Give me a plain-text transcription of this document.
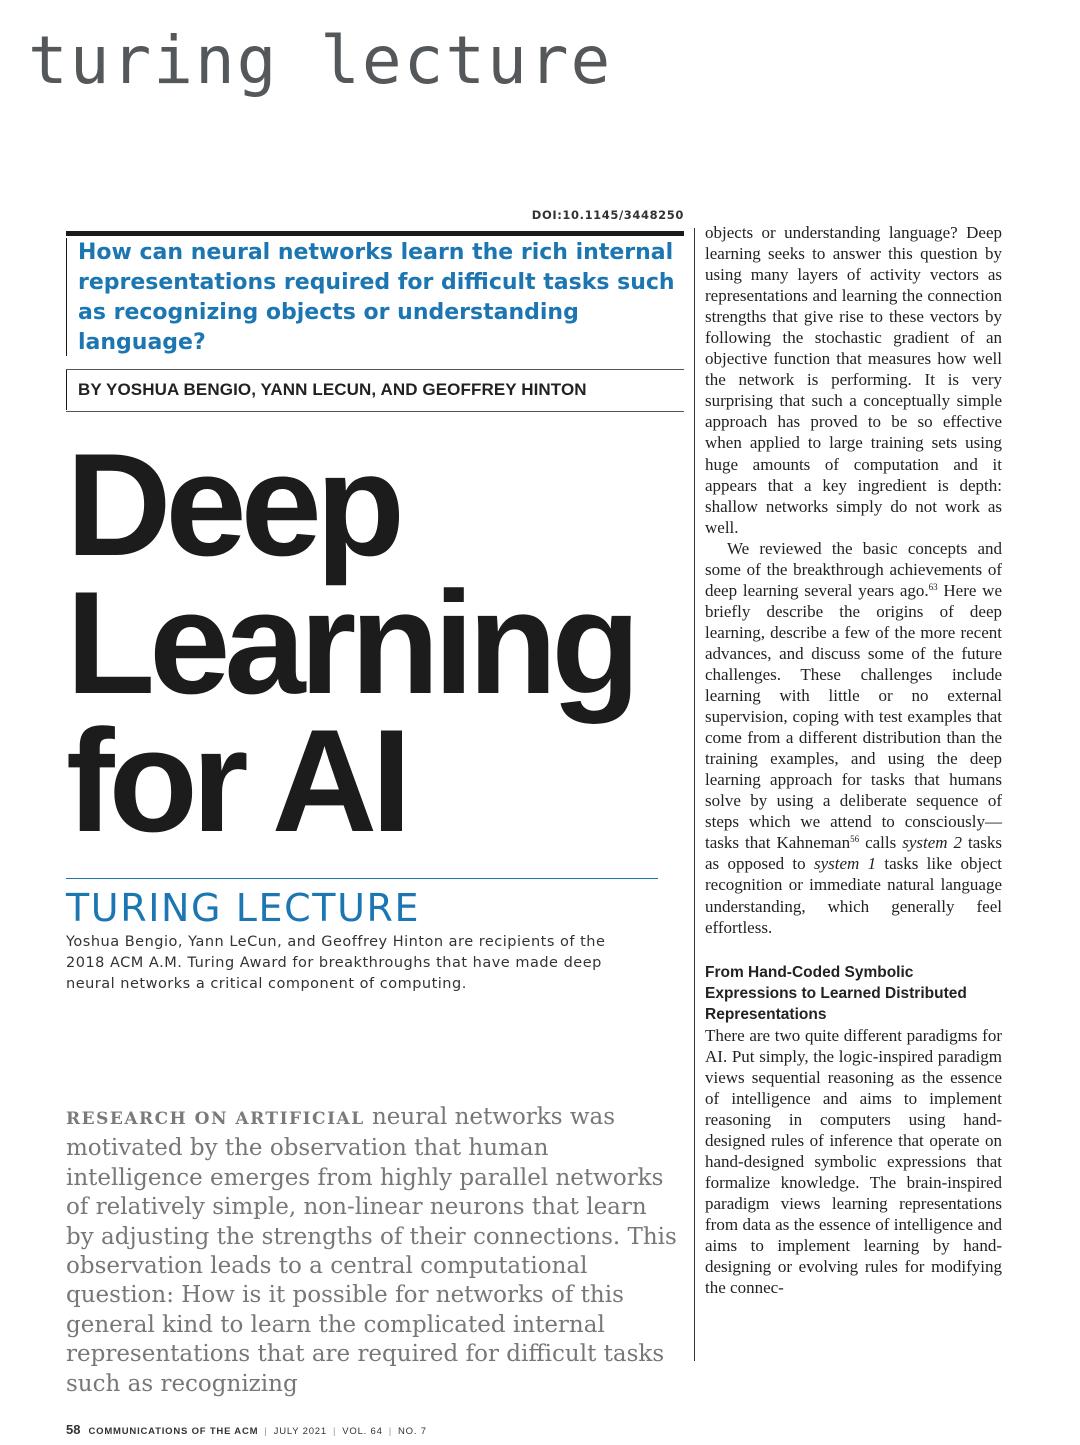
turing lecture
DOI:10.1145/3448250
How can neural networks learn the rich internal representations required for difficult tasks such as recognizing objects or understanding language?
BY YOSHUA BENGIO, YANN LECUN, AND GEOFFREY HINTON
Deep
Learning
for AI
TURING LECTURE
Yoshua Bengio, Yann LeCun, and Geoffrey Hinton are recipients of the 2018 ACM A.M. Turing Award for breakthroughs that have made deep neural networks a critical component of computing.
RESEARCH ON ARTIFICIAL neural networks was motivated by the observation that human intelligence emerges from highly parallel networks of relatively simple, non-linear neurons that learn by adjusting the strengths of their connections. This observation leads to a central computational question: How is it possible for networks of this general kind to learn the complicated internal representations that are required for difficult tasks such as recognizing

objects or understanding language? Deep learning seeks to answer this question by using many layers of activity vectors as representations and learning the connection strengths that give rise to these vectors by following the stochastic gradient of an objective function that measures how well the network is performing. It is very surprising that such a conceptually simple approach has proved to be so effective when applied to large training sets using huge amounts of computation and it appears that a key ingredient is depth: shallow networks simply do not work as well.

We reviewed the basic concepts and some of the breakthrough achievements of deep learning several years ago.$^{63}$ Here we briefly describe the origins of deep learning, describe a few of the more recent advances, and discuss some of the future challenges. These challenges include learning with little or no external supervision, coping with test examples that come from a different distribution than the training examples, and using the deep learning approach for tasks that humans solve by using a deliberate sequence of steps which we attend to consciously—tasks that Kahneman$^{56}$ calls system 2 tasks as opposed to system 1 tasks like object recognition or immediate natural language understanding, which generally feel effortless.

From Hand-Coded Symbolic Expressions to Learned Distributed Representations

There are two quite different paradigms for AI. Put simply, the logic-inspired paradigm views sequential reasoning as the essence of intelligence and aims to implement reasoning in computers using hand-designed rules of inference that operate on hand-designed symbolic expressions that formalize knowledge. The brain-inspired paradigm views learning representations from data as the essence of intelligence and aims to implement learning by hand-designing or evolving rules for modifying the connec-

58 COMMUNICATIONS OF THE ACM | JULY 2021 | VOL. 64 | NO. 7
